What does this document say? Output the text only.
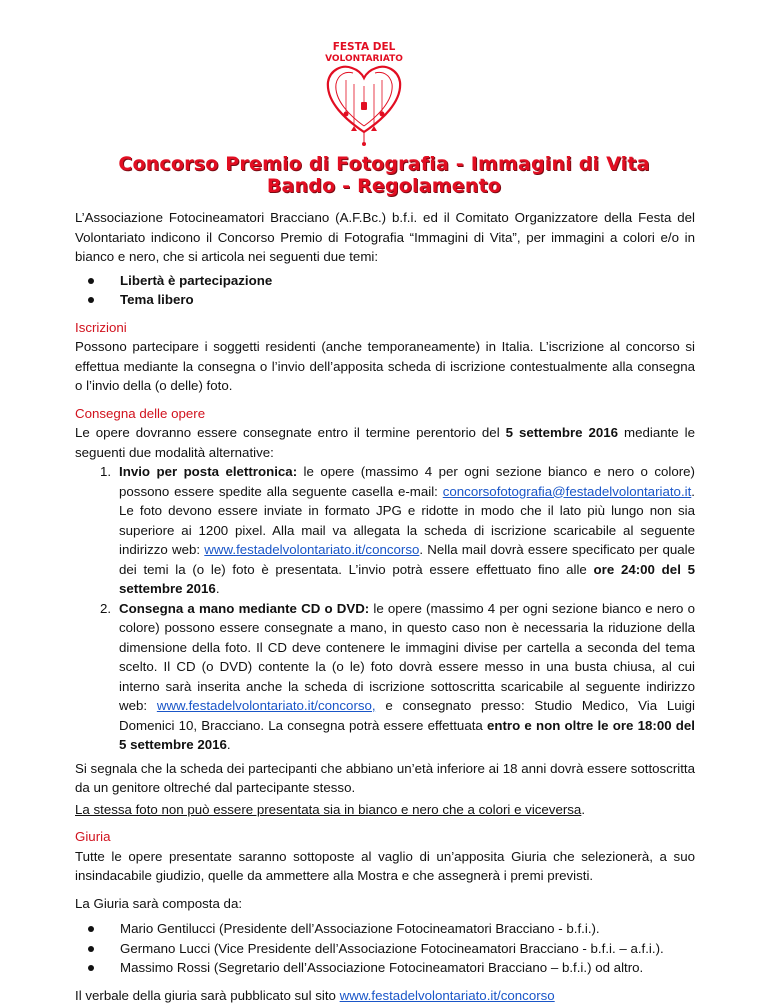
FESTA DEL
VOLONTARIATO
Concorso Premio di Fotografia - Immagini di Vita
Bando - Regolamento

L’Associazione Fotocineamatori Bracciano (A.F.Bc.) b.f.i. ed il Comitato Organizzatore della Festa del Volontariato indicono il Concorso Premio di Fotografia “Immagini di Vita”, per immagini a colori e/o in bianco e nero, che si articola nei seguenti due temi:

Libertà è partecipazione
Tema libero
Iscrizioni

Possono partecipare i soggetti residenti (anche temporaneamente) in Italia. L’iscrizione al concorso si effettua mediante la consegna o l’invio dell’apposita scheda di iscrizione contestualmente alla consegna o l’invio della (o delle) foto.

Consegna delle opere

Le opere dovranno essere consegnate entro il termine perentorio del 5 settembre 2016 mediante le seguenti due modalità alternative:

1. Invio per posta elettronica: le opere (massimo 4 per ogni sezione bianco e nero o colore) possono essere spedite alla seguente casella e-mail: concorsofotografia@festadelvolontariato.it. Le foto devono essere inviate in formato JPG e ridotte in modo che il lato più lungo non sia superiore ai 1200 pixel. Alla mail va allegata la scheda di iscrizione scaricabile al seguente indirizzo web: www.festadelvolontariato.it/concorso. Nella mail dovrà essere specificato per quale dei temi la (o le) foto è presentata. L’invio potrà essere effettuato fino alle ore 24:00 del 5 settembre 2016.
2. Consegna a mano mediante CD o DVD: le opere (massimo 4 per ogni sezione bianco e nero o colore) possono essere consegnate a mano, in questo caso non è necessaria la riduzione della dimensione della foto. Il CD deve contenere le immagini divise per cartella a seconda del tema scelto. Il CD (o DVD) contente la (o le) foto dovrà essere messo in una busta chiusa, al cui interno sarà inserita anche la scheda di iscrizione sottoscritta scaricabile al seguente indirizzo web: www.festadelvolontariato.it/concorso, e consegnato presso: Studio Medico, Via Luigi Domenici 10, Bracciano. La consegna potrà essere effettuata entro e non oltre le ore 18:00 del 5 settembre 2016.

Si segnala che la scheda dei partecipanti che abbiano un’età inferiore ai 18 anni dovrà essere sottoscritta da un genitore oltreché dal partecipante stesso.

La stessa foto non può essere presentata sia in bianco e nero che a colori e viceversa.

Giuria

Tutte le opere presentate saranno sottoposte al vaglio di un’apposita Giuria che selezionerà, a suo insindacabile giudizio, quelle da ammettere alla Mostra e che assegnerà i premi previsti.

La Giuria sarà composta da:

Mario Gentilucci (Presidente dell’Associazione Fotocineamatori Bracciano - b.f.i.).
Germano Lucci (Vice Presidente dell’Associazione Fotocineamatori Bracciano - b.f.i. – a.f.i.).
Massimo Rossi (Segretario dell’Associazione Fotocineamatori Bracciano – b.f.i.) od altro.

Il verbale della giuria sarà pubblicato sul sito www.festadelvolontariato.it/concorso
